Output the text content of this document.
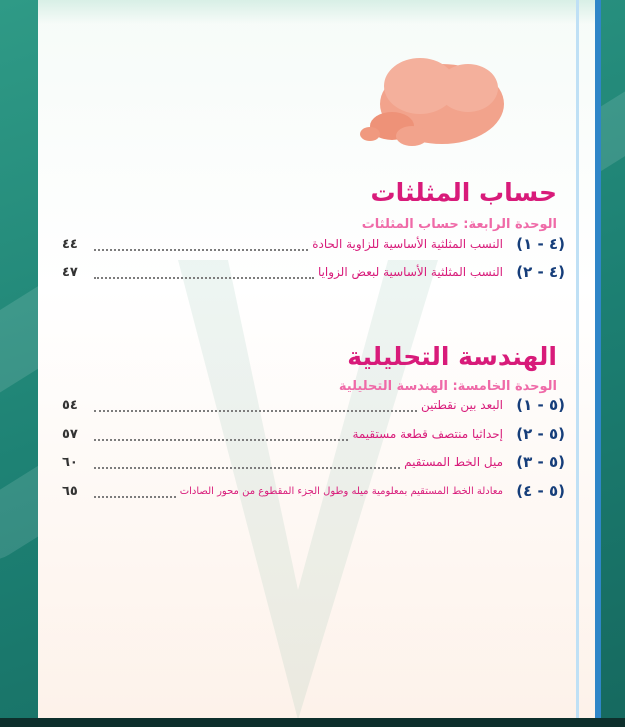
حساب المثلثات
الوحدة الرابعة: حساب المثلثات
٤٤	النسب المثلثية الأساسية للزاوية الحادة (٤ - ١)
٤٧	النسب المثلثية الأساسية لبعض الزوايا (٤ - ٢)
الهندسة التحليلية
الوحدة الخامسة: الهندسة التحليلية
٥٤	البعد بين نقطتين (٥ - ١)
٥٧	إحداثيا منتصف قطعة مستقيمة (٥ - ٢)
٦٠	ميل الخط المستقيم (٥ - ٣)
٦٥	معادلة الخط المستقيم بمعلومية ميله وطول الجزء المقطوع من محور الصادات (٥ - ٤)
